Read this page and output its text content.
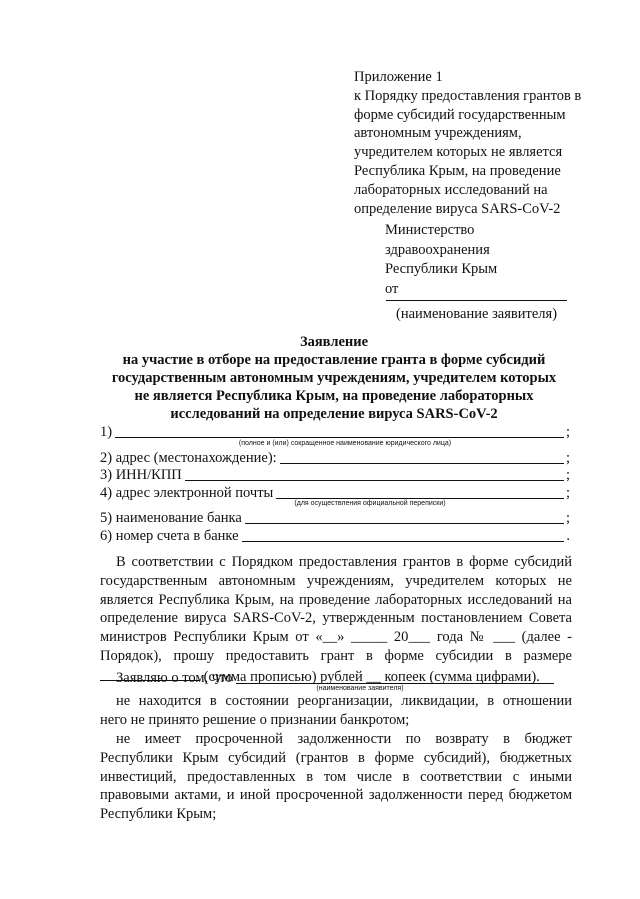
Приложение 1
к Порядку предоставления грантов в
форме субсидий государственным
автономным учреждениям,
учредителем которых не является
Республика Крым, на проведение
лабораторных исследований на
определение вируса SARS-CoV-2
Министерство
здравоохранения
Республики Крым
от
(наименование заявителя)
Заявление
на участие в отборе на предоставление гранта в форме субсидий
государственным автономным учреждениям, учредителем которых
не является Республика Крым, на проведение лабораторных
исследований на определение вируса SARS-CoV-2
1)	;
(полное и (или) сокращенное наименование юридического лица)
2) адрес (местонахождение):	;
3) ИНН/КПП	;
4) адрес электронной почты	;
(для осуществления официальной переписки)
5) наименование банка	;
6) номер счета в банке	.
В соответствии с Порядком предоставления грантов в форме субсидий
государственным автономным учреждениям, учредителем которых не
является Республика Крым, на проведение лабораторных исследований на
определение вируса SARS-CoV-2, утвержденным постановлением Совета
министров Республики Крым от «__» _____ 20___ года № ___ (далее -
Порядок), прошу предоставить грант в форме субсидии в размере
(сумма прописью) рублей __ копеек (сумма цифрами).
Заявляю о том, что
(наименование заявителя)
не находится в состоянии реорганизации, ликвидации, в отношении
него не принято решение о признании банкротом;
не имеет просроченной задолженности по возврату в бюджет
Республики Крым субсидий (грантов в форме субсидий), бюджетных
инвестиций, предоставленных в том числе в соответствии с иными
правовыми актами, и иной просроченной задолженности перед бюджетом
Республики Крым;
